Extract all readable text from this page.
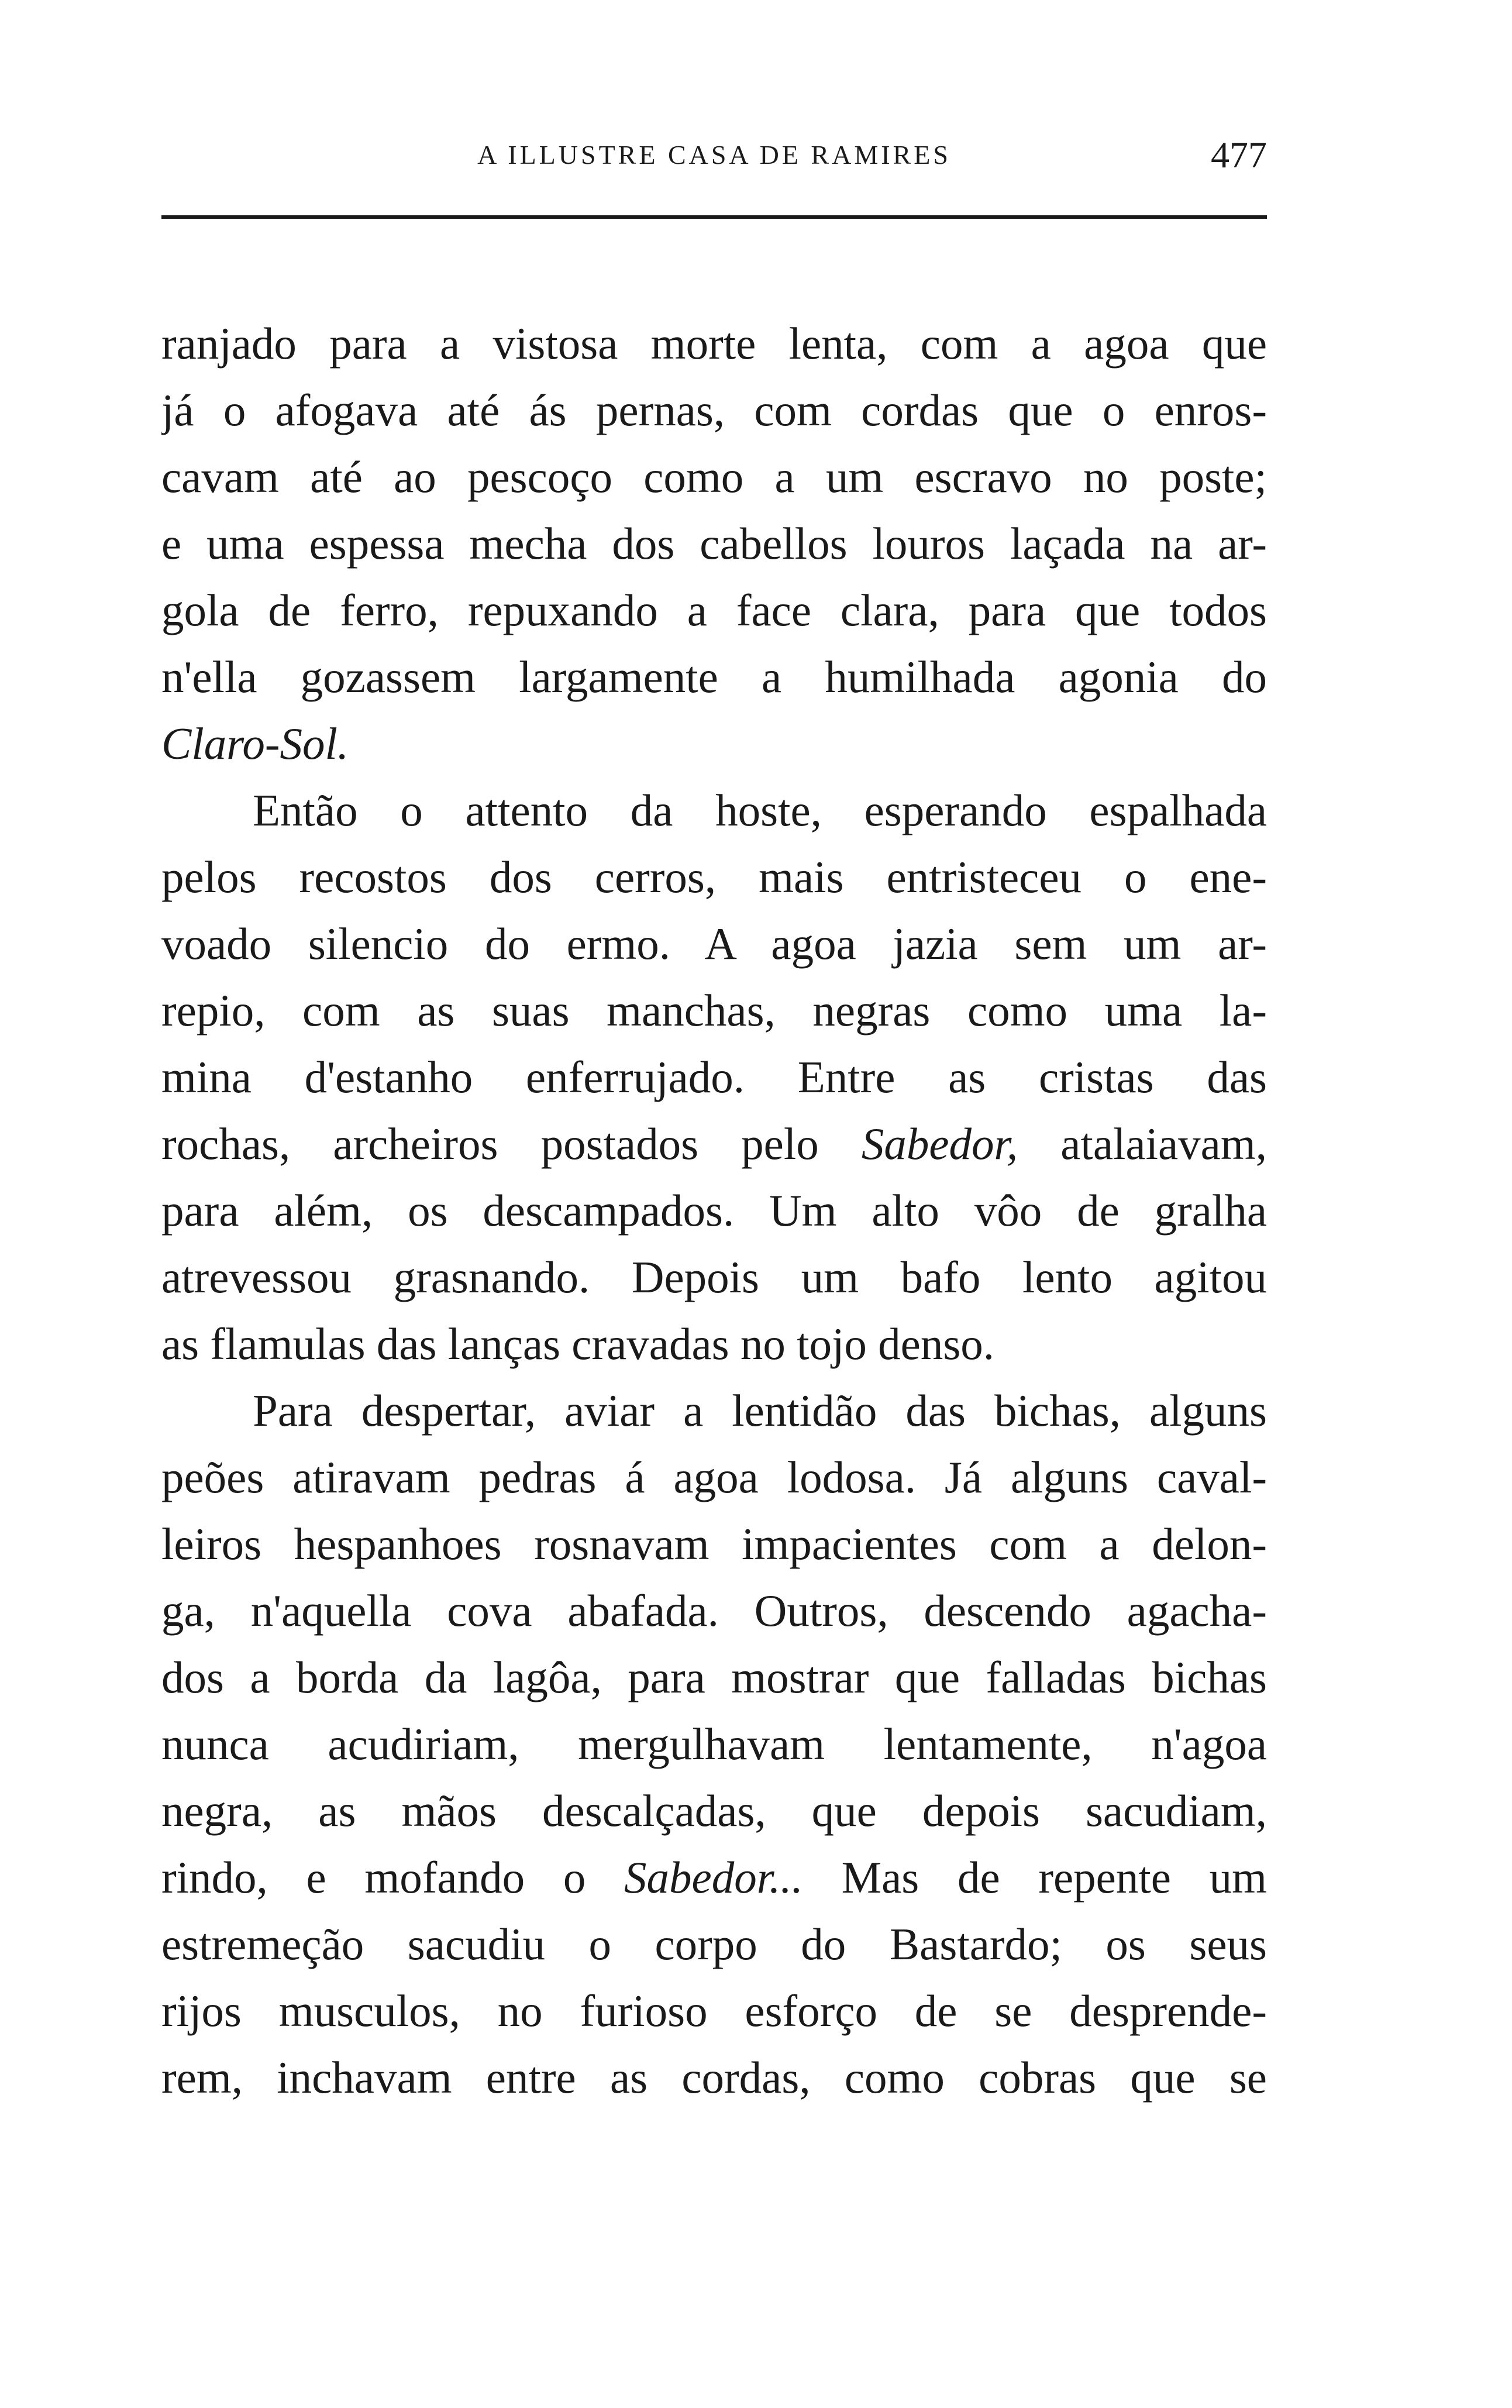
A ILLUSTRE CASA DE RAMIRES	477
ranjado para a vistosa morte lenta, com a agoa que
já o afogava até ás pernas, com cordas que o enros-
cavam até ao pescoço como a um escravo no poste;
e uma espessa mecha dos cabellos louros laçada na ar-
gola de ferro, repuxando a face clara, para que todos
n'ella gozassem largamente a humilhada agonia do
Claro-Sol.
Então o attento da hoste, esperando espalhada
pelos recostos dos cerros, mais entristeceu o ene-
voado silencio do ermo. A agoa jazia sem um ar-
repio, com as suas manchas, negras como uma la-
mina d'estanho enferrujado. Entre as cristas das
rochas, archeiros postados pelo Sabedor, atalaiavam,
para além, os descampados. Um alto vôo de gralha
atrevessou grasnando. Depois um bafo lento agitou
as flamulas das lanças cravadas no tojo denso.
Para despertar, aviar a lentidão das bichas, alguns
peões atiravam pedras á agoa lodosa. Já alguns caval-
leiros hespanhoes rosnavam impacientes com a delon-
ga, n'aquella cova abafada. Outros, descendo agacha-
dos a borda da lagôa, para mostrar que falladas bichas
nunca acudiriam, mergulhavam lentamente, n'agoa
negra, as mãos descalçadas, que depois sacudiam,
rindo, e mofando o Sabedor... Mas de repente um
estremeção sacudiu o corpo do Bastardo; os seus
rijos musculos, no furioso esforço de se desprende-
rem, inchavam entre as cordas, como cobras que se
